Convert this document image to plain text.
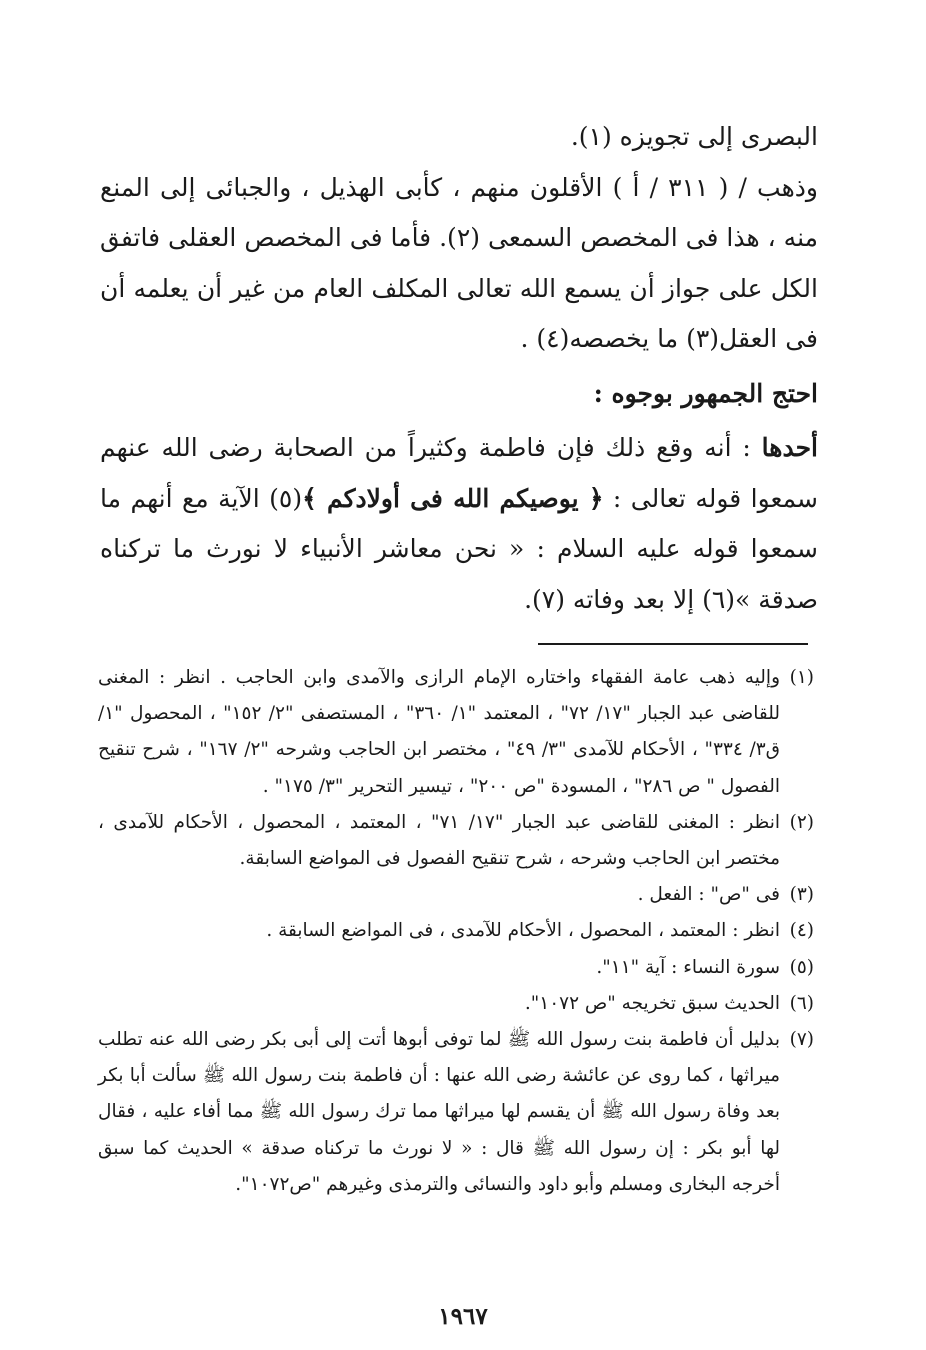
البصرى إلى تجويزه (١).

وذهب / ( ٣١١ / أ ) الأقلون منهم ، كأبى الهذيل ، والجبائى إلى المنع منه ، هذا فى المخصص السمعى (٢). فأما فى المخصص العقلى فاتفق الكل على جواز أن يسمع الله تعالى المكلف العام من غير أن يعلمه أن فى العقل(٣) ما يخصصه(٤) .

احتج الجمهور بوجوه :

أحدها : أنه وقع ذلك فإن فاطمة وكثيراً من الصحابة رضى الله عنهم سمعوا قوله تعالى : ﴿ يوصيكم الله فى أولادكم ﴾(٥) الآية مع أنهم ما سمعوا قوله عليه السلام : « نحن معاشر الأنبياء لا نورث ما تركناه صدقة »(٦) إلا بعد وفاته (٧).

(١)
وإليه ذهب عامة الفقهاء واختاره الإمام الرازى والآمدى وابن الحاجب . انظر : المغنى للقاضى عبد الجبار "١٧/ ٧٢" ، المعتمد "١/ ٣٦٠" ، المستصفى "٢/ ١٥٢" ، المحصول "١/ق٣/ ٣٣٤" ، الأحكام للآمدى "٣/ ٤٩" ، مختصر ابن الحاجب وشرحه "٢/ ١٦٧" ، شرح تنقيح الفصول " ص ٢٨٦" ، المسودة "ص ٢٠٠" ، تيسير التحرير "٣/ ١٧٥" .
(٢)
انظر : المغنى للقاضى عبد الجبار "١٧/ ٧١" ، المعتمد ، المحصول ، الأحكام للآمدى ، مختصر ابن الحاجب وشرحه ، شرح تنقيح الفصول فى المواضع السابقة.
(٣)
فى "ص" : الفعل .
(٤)
انظر : المعتمد ، المحصول ، الأحكام للآمدى ، فى المواضع السابقة .
(٥)
سورة النساء : آية "١١".
(٦)
الحديث سبق تخريجه "ص ١٠٧٢".
(٧)
بدليل أن فاطمة بنت رسول الله ﷺ لما توفى أبوها أتت إلى أبى بكر رضى الله عنه تطلب ميراثها ، كما روى عن عائشة رضى الله عنها : أن فاطمة بنت رسول الله ﷺ سألت أبا بكر بعد وفاة رسول الله ﷺ أن يقسم لها ميراثها مما ترك رسول الله ﷺ مما أفاء عليه ، فقال لها أبو بكر : إن رسول الله ﷺ قال : « لا نورث ما تركناه صدقة » الحديث كما سبق أخرجه البخارى ومسلم وأبو داود والنسائى والترمذى وغيرهم "ص١٠٧٢".
١٩٦٧
